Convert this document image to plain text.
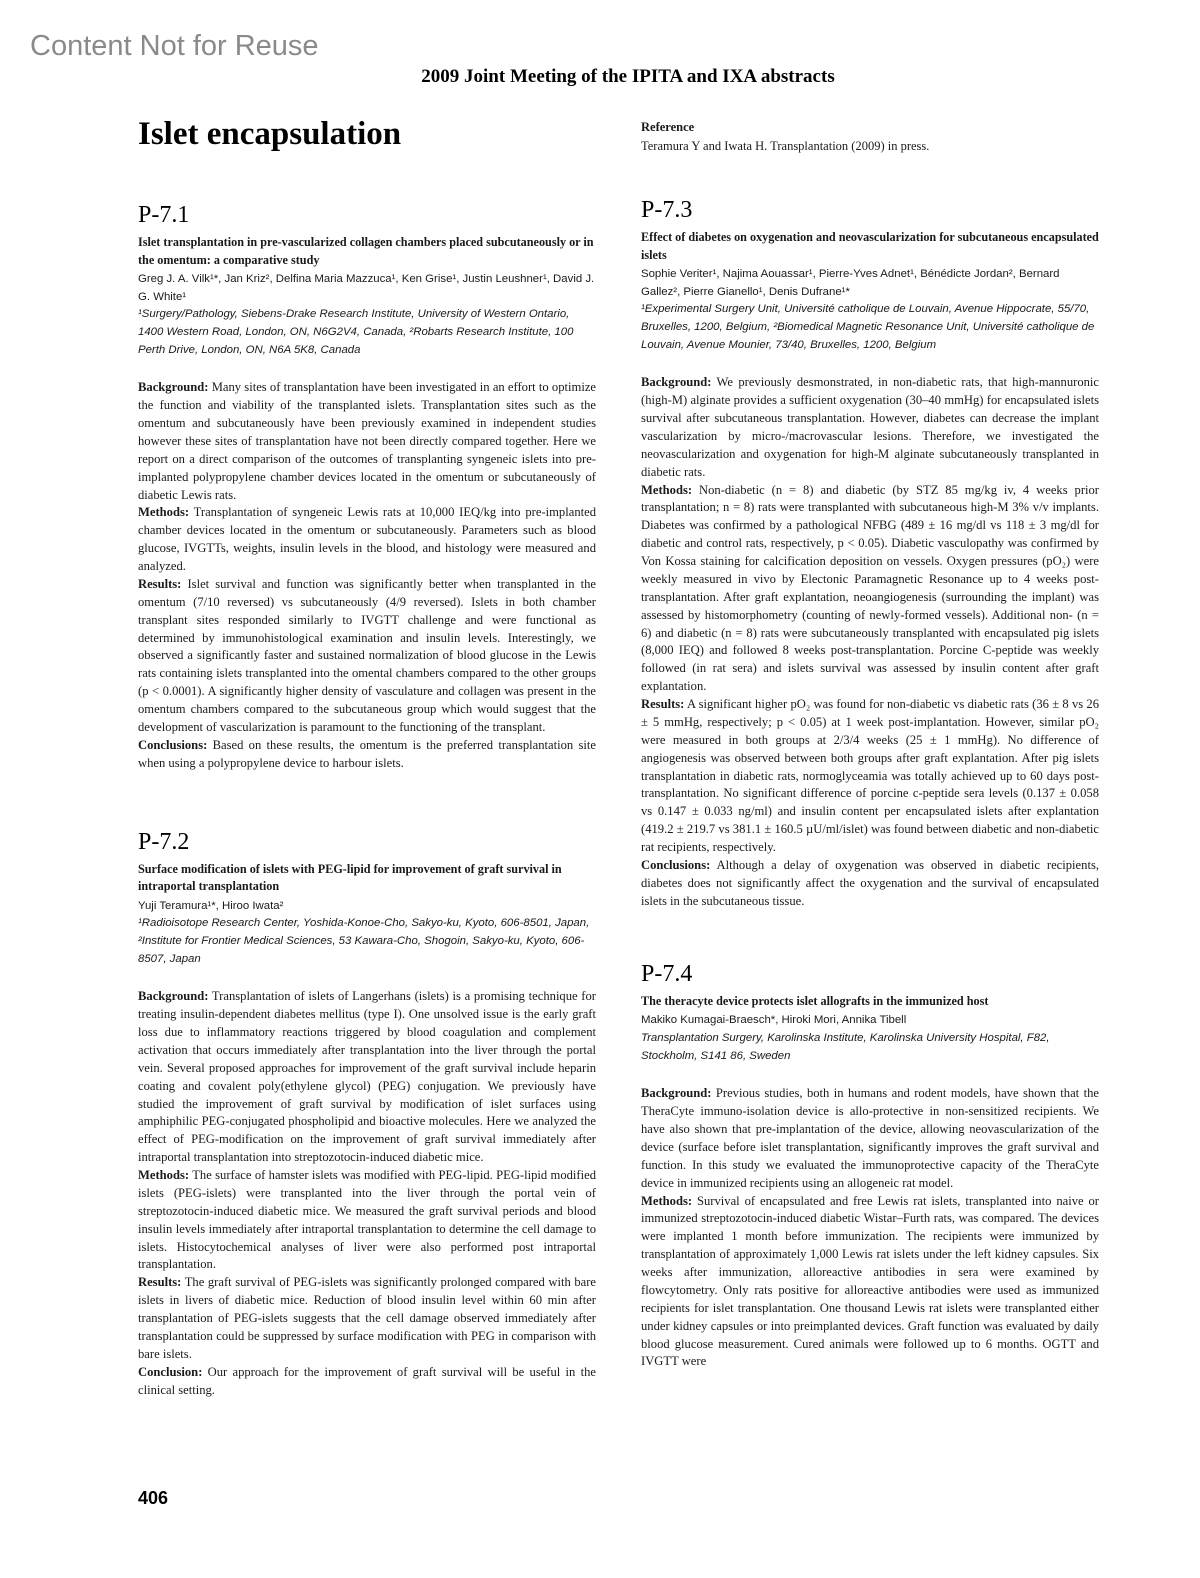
Content Not for Reuse
2009 Joint Meeting of the IPITA and IXA abstracts
Islet encapsulation
P-7.1
Islet transplantation in pre-vascularized collagen chambers placed subcutaneously or in the omentum: a comparative study
Greg J. A. Vilk¹*, Jan Kriz², Delfina Maria Mazzuca¹, Ken Grise¹, Justin Leushner¹, David J. G. White¹
¹Surgery/Pathology, Siebens-Drake Research Institute, University of Western Ontario, 1400 Western Road, London, ON, N6G2V4, Canada, ²Robarts Research Institute, 100 Perth Drive, London, ON, N6A 5K8, Canada

Background: Many sites of transplantation have been investigated in an effort to optimize the function and viability of the transplanted islets. Transplantation sites such as the omentum and subcutaneously have been previously examined in independent studies however these sites of transplantation have not been directly compared together. Here we report on a direct comparison of the outcomes of transplanting syngeneic islets into pre-implanted polypropylene chamber devices located in the omentum or subcutaneously of diabetic Lewis rats.

Methods: Transplantation of syngeneic Lewis rats at 10,000 IEQ/kg into pre-implanted chamber devices located in the omentum or subcutaneously. Parameters such as blood glucose, IVGTTs, weights, insulin levels in the blood, and histology were measured and analyzed.

Results: Islet survival and function was significantly better when transplanted in the omentum (7/10 reversed) vs subcutaneously (4/9 reversed). Islets in both chamber transplant sites responded similarly to IVGTT challenge and were functional as determined by immunohistological examination and insulin levels. Interestingly, we observed a significantly faster and sustained normalization of blood glucose in the Lewis rats containing islets transplanted into the omental chambers compared to the other groups (p < 0.0001). A significantly higher density of vasculature and collagen was present in the omentum chambers compared to the subcutaneous group which would suggest that the development of vascularization is paramount to the functioning of the transplant.

Conclusions: Based on these results, the omentum is the preferred transplantation site when using a polypropylene device to harbour islets.

P-7.2
Surface modification of islets with PEG-lipid for improvement of graft survival in intraportal transplantation
Yuji Teramura¹*, Hiroo Iwata²
¹Radioisotope Research Center, Yoshida-Konoe-Cho, Sakyo-ku, Kyoto, 606-8501, Japan, ²Institute for Frontier Medical Sciences, 53 Kawara-Cho, Shogoin, Sakyo-ku, Kyoto, 606-8507, Japan

Background: Transplantation of islets of Langerhans (islets) is a promising technique for treating insulin-dependent diabetes mellitus (type I). One unsolved issue is the early graft loss due to inflammatory reactions triggered by blood coagulation and complement activation that occurs immediately after transplantation into the liver through the portal vein. Several proposed approaches for improvement of the graft survival include heparin coating and covalent poly(ethylene glycol) (PEG) conjugation. We previously have studied the improvement of graft survival by modification of islet surfaces using amphiphilic PEG-conjugated phospholipid and bioactive molecules. Here we analyzed the effect of PEG-modification on the improvement of graft survival immediately after intraportal transplantation into streptozotocin-induced diabetic mice.

Methods: The surface of hamster islets was modified with PEG-lipid. PEG-lipid modified islets (PEG-islets) were transplanted into the liver through the portal vein of streptozotocin-induced diabetic mice. We measured the graft survival periods and blood insulin levels immediately after intraportal transplantation to determine the cell damage to islets. Histocytochemical analyses of liver were also performed post intraportal transplantation.

Results: The graft survival of PEG-islets was significantly prolonged compared with bare islets in livers of diabetic mice. Reduction of blood insulin level within 60 min after transplantation of PEG-islets suggests that the cell damage observed immediately after transplantation could be suppressed by surface modification with PEG in comparison with bare islets.

Conclusion: Our approach for the improvement of graft survival will be useful in the clinical setting.

Reference
Teramura Y and Iwata H. Transplantation (2009) in press.
P-7.3
Effect of diabetes on oxygenation and neovascularization for subcutaneous encapsulated islets
Sophie Veriter¹, Najima Aouassar¹, Pierre-Yves Adnet¹, Bénédicte Jordan², Bernard Gallez², Pierre Gianello¹, Denis Dufrane¹*
¹Experimental Surgery Unit, Université catholique de Louvain, Avenue Hippocrate, 55/70, Bruxelles, 1200, Belgium, ²Biomedical Magnetic Resonance Unit, Université catholique de Louvain, Avenue Mounier, 73/40, Bruxelles, 1200, Belgium

Background: We previously desmonstrated, in non-diabetic rats, that high-mannuronic (high-M) alginate provides a sufficient oxygenation (30–40 mmHg) for encapsulated islets survival after subcutaneous transplantation. However, diabetes can decrease the implant vascularization by micro-/macrovascular lesions. Therefore, we investigated the neovascularization and oxygenation for high-M alginate subcutaneously transplanted in diabetic rats.

Methods: Non-diabetic (n = 8) and diabetic (by STZ 85 mg/kg iv, 4 weeks prior transplantation; n = 8) rats were transplanted with subcutaneous high-M 3% v/v implants. Diabetes was confirmed by a pathological NFBG (489 ± 16 mg/dl vs 118 ± 3 mg/dl for diabetic and control rats, respectively, p < 0.05). Diabetic vasculopathy was confirmed by Von Kossa staining for calcification deposition on vessels. Oxygen pressures (pO₂) were weekly measured in vivo by Electonic Paramagnetic Resonance up to 4 weeks post-transplantation. After graft explantation, neoangiogenesis (surrounding the implant) was assessed by histomorphometry (counting of newly-formed vessels). Additional non- (n = 6) and diabetic (n = 8) rats were subcutaneously transplanted with encapsulated pig islets (8,000 IEQ) and followed 8 weeks post-transplantation. Porcine C-peptide was weekly followed (in rat sera) and islets survival was assessed by insulin content after graft explantation.

Results: A significant higher pO₂ was found for non-diabetic vs diabetic rats (36 ± 8 vs 26 ± 5 mmHg, respectively; p < 0.05) at 1 week post-implantation. However, similar pO₂ were measured in both groups at 2/3/4 weeks (25 ± 1 mmHg). No difference of angiogenesis was observed between both groups after graft explantation. After pig islets transplantation in diabetic rats, normoglyceamia was totally achieved up to 60 days post-transplantation. No significant difference of porcine c-peptide sera levels (0.137 ± 0.058 vs 0.147 ± 0.033 ng/ml) and insulin content per encapsulated islets after explantation (419.2 ± 219.7 vs 381.1 ± 160.5 µU/ml/islet) was found between diabetic and non-diabetic rat recipients, respectively.

Conclusions: Although a delay of oxygenation was observed in diabetic recipients, diabetes does not significantly affect the oxygenation and the survival of encapsulated islets in the subcutaneous tissue.

P-7.4
The theracyte device protects islet allografts in the immunized host
Makiko Kumagai-Braesch*, Hiroki Mori, Annika Tibell
Transplantation Surgery, Karolinska Institute, Karolinska University Hospital, F82, Stockholm, S141 86, Sweden

Background: Previous studies, both in humans and rodent models, have shown that the TheraCyte immuno-isolation device is allo-protective in non-sensitized recipients. We have also shown that pre-implantation of the device, allowing neovascularization of the device (surface before islet transplantation, significantly improves the graft survival and function. In this study we evaluated the immunoprotective capacity of the TheraCyte device in immunized recipients using an allogeneic rat model.

Methods: Survival of encapsulated and free Lewis rat islets, transplanted into naive or immunized streptozotocin-induced diabetic Wistar–Furth rats, was compared. The devices were implanted 1 month before immunization. The recipients were immunized by transplantation of approximately 1,000 Lewis rat islets under the left kidney capsules. Six weeks after immunization, alloreactive antibodies in sera were examined by flowcytometry. Only rats positive for alloreactive antibodies were used as immunized recipients for islet transplantation. One thousand Lewis rat islets were transplanted either under kidney capsules or into preimplanted devices. Graft function was evaluated by daily blood glucose measurement. Cured animals were followed up to 6 months. OGTT and IVGTT were

406
